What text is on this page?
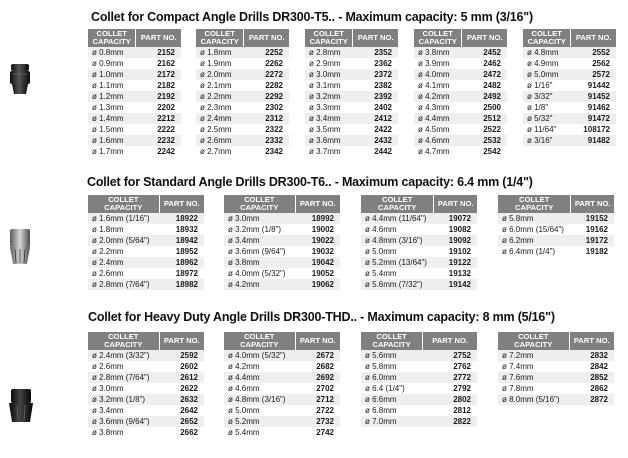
Collet for Compact Angle Drills DR300-T5.. - Maximum capacity: 5 mm (3/16")
Collet for Standard Angle Drills DR300-T6.. - Maximum capacity: 6.4 mm (1/4")
Collet for Heavy Duty Angle Drills DR300-THD.. - Maximum capacity: 8 mm (5/16")
COLLET
CAPACITY	PART NO.
ø 0.8mm	2152
ø 0.9mm	2162
ø 1.0mm	2172
ø 1.1mm	2182
ø 1.2mm	2192
ø 1.3mm	2202
ø 1.4mm	2212
ø 1.5mm	2222
ø 1.6mm	2232
ø 1.7mm	2242
COLLET
CAPACITY	PART NO.
ø 1.8mm	2252
ø 1.9mm	2262
ø 2.0mm	2272
ø 2.1mm	2282
ø 2.2mm	2292
ø 2.3mm	2302
ø 2.4mm	2312
ø 2.5mm	2322
ø 2.6mm	2332
ø 2.7mm	2342
COLLET
CAPACITY	PART NO.
ø 2.8mm	2352
ø 2.9mm	2362
ø 3.0mm	2372
ø 3.1mm	2382
ø 3.2mm	2392
ø 3.3mm	2402
ø 3.4mm	2412
ø 3.5mm	2422
ø 3.6mm	2432
ø 3.7mm	2442
COLLET
CAPACITY	PART NO.
ø 3.8mm	2452
ø 3.9mm	2462
ø 4.0mm	2472
ø 4.1mm	2482
ø 4.2mm	2492
ø 4.3mm	2500
ø 4.4mm	2512
ø 4.5mm	2522
ø 4.6mm	2532
ø 4.7mm	2542
COLLET
CAPACITY	PART NO.
ø 4.8mm	2552
ø 4.9mm	2562
ø 5.0mm	2572
ø 1/16"	91442
ø 3/32"	91452
ø 1/8"	91462
ø 5/32"	91472
ø 11/64"	108172
ø 3/16"	91482
COLLET
CAPACITY	PART NO.
ø 1.6mm (1/16")	18922
ø 1.8mm	18932
ø 2.0mm (5/64")	18942
ø 2.2mm	18952
ø 2.4mm	18962
ø 2.6mm	18972
ø 2.8mm (7/64")	18982
COLLET
CAPACITY	PART NO.
ø 3.0mm	18992
ø 3.2mm (1/8")	19002
ø 3.4mm	19022
ø 3.6mm (9/64")	19032
ø 3.8mm	19042
ø 4.0mm (5/32")	19052
ø 4.2mm	19062
COLLET
CAPACITY	PART NO.
ø 4.4mm (11/64")	19072
ø 4.6mm	19082
ø 4.8mm (3/16")	19092
ø 5.0mm	19102
ø 5.2mm (13/64")	19122
ø 5.4mm	19132
ø 5.6mm (7/32")	19142
COLLET
CAPACITY	PART NO.
ø 5.8mm	19152
ø 6.0mm (15/64")	19162
ø 6.2mm	19172
ø 6.4mm (1/4")	19182
COLLET
CAPACITY	PART NO.
ø 2.4mm (3/32")	2592
ø 2.6mm	2602
ø 2.8mm (7/64")	2612
ø 3.0mm	2622
ø 3.2mm (1/8")	2632
ø 3.4mm	2642
ø 3.6mm (9/64")	2652
ø 3.8mm	2662
COLLET
CAPACITY	PART NO.
ø 4.0mm (5/32")	2672
ø 4.2mm	2682
ø 4.4mm	2692
ø 4.6mm	2702
ø 4.8mm (3/16")	2712
ø 5.0mm	2722
ø 5.2mm	2732
ø 5.4mm	2742
COLLET
CAPACITY	PART NO.
ø 5.6mm	2752
ø 5.8mm	2762
ø 6.0mm	2772
ø 6.4 (1/4")	2792
ø 6.6mm	2802
ø 6.8mm	2812
ø 7.0mm	2822
COLLET
CAPACITY	PART NO.
ø 7.2mm	2832
ø 7.4mm	2842
ø 7.6mm	2852
ø 7.8mm	2862
ø 8.0mm (5/16")	2872
